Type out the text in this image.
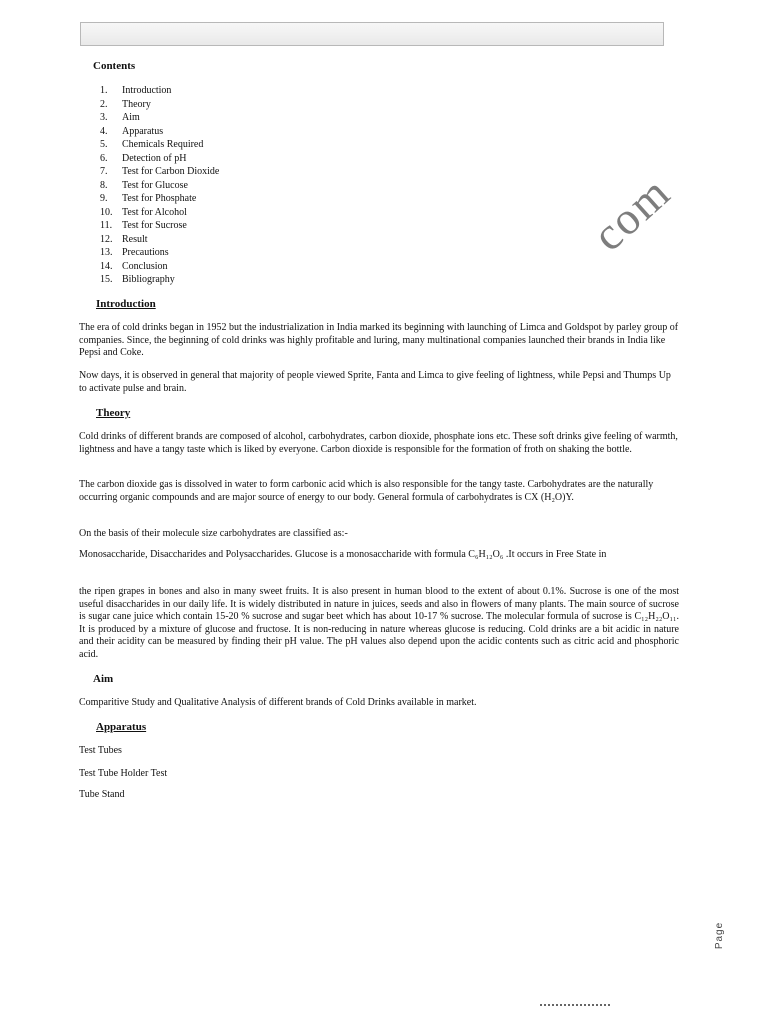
Contents
1.	Introduction
2.	Theory
3.	Aim
4.	Apparatus
5.	Chemicals Required
6.	Detection of pH
7.	Test for Carbon Dioxide
8.	Test for Glucose
9.	Test for Phosphate
10. Test for Alcohol
11. Test for Sucrose
12. Result
13. Precautions
14. Conclusion
15. Bibliography
com
Introduction

The era of cold drinks began in 1952 but the industrialization in India marked its beginning with launching of Limca and Goldspot by parley group of companies. Since, the beginning of cold drinks was highly profitable and luring, many multinational companies launched their brands in India like Pepsi and Coke.

Now days, it is observed in general that majority of people viewed Sprite, Fanta and Limca to give feeling of lightness, while Pepsi and Thumps Up to activate pulse and brain.

Theory

Cold drinks of different brands are composed of alcohol, carbohydrates, carbon dioxide, phosphate ions etc. These soft drinks give feeling of warmth, lightness and have a tangy taste which is liked by everyone. Carbon dioxide is responsible for the formation of froth on shaking the bottle.

The carbon dioxide gas is dissolved in water to form carbonic acid which is also responsible for the tangy taste. Carbohydrates are the naturally occurring organic compounds and are major source of energy to our body. General formula of carbohydrates is CX (H₂O)Y.

On the basis of their molecule size carbohydrates are classified as:-

Monosaccharide, Disaccharides and Polysaccharides. Glucose is a monosaccharide with formula C₆H₁₂O₆ .It occurs in Free State in

the ripen grapes in bones and also in many sweet fruits. It is also present in human blood to the extent of about 0.1%. Sucrose is one of the most useful disaccharides in our daily life. It is widely distributed in nature in juices, seeds and also in flowers of many plants. The main source of sucrose is sugar cane juice which contain 15-20 % sucrose and sugar beet which has about 10-17 % sucrose. The molecular formula of sucrose is C₁₂H₂₂O₁₁. It is produced by a mixture of glucose and fructose. It is non-reducing in nature whereas glucose is reducing. Cold drinks are a bit acidic in nature and their acidity can be measured by finding their pH value. The pH values also depend upon the acidic contents such as citric acid and phosphoric acid.

Aim

Comparitive Study and Qualitative Analysis of different brands of Cold Drinks available in market.

Apparatus
Test Tubes
Test Tube Holder Test
Tube Stand
Page
